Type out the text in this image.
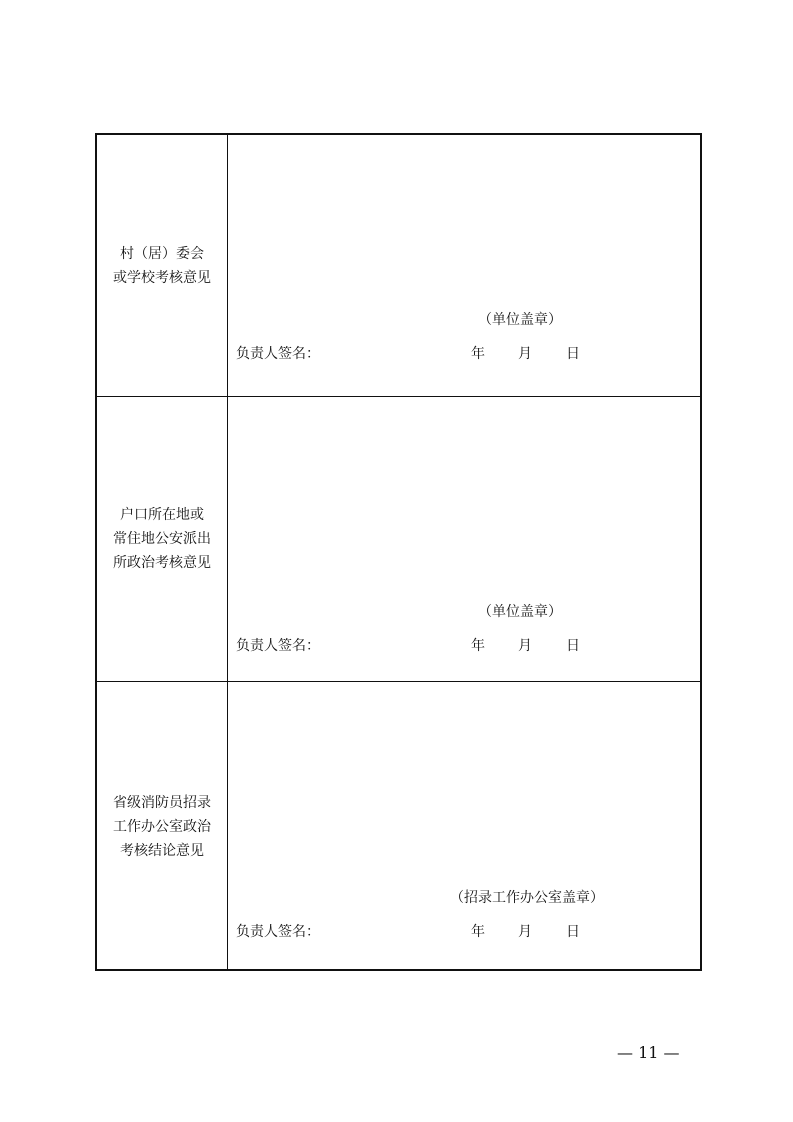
村（居）委会
或学校考核意见
（单位盖章）
负责人签名：	年 月 日
户口所在地或
常住地公安派出
所政治考核意见
（单位盖章）
负责人签名：	年 月 日
省级消防员招录
工作办公室政治
考核结论意见
（招录工作办公室盖章）
负责人签名：	年 月 日
— 11 —
